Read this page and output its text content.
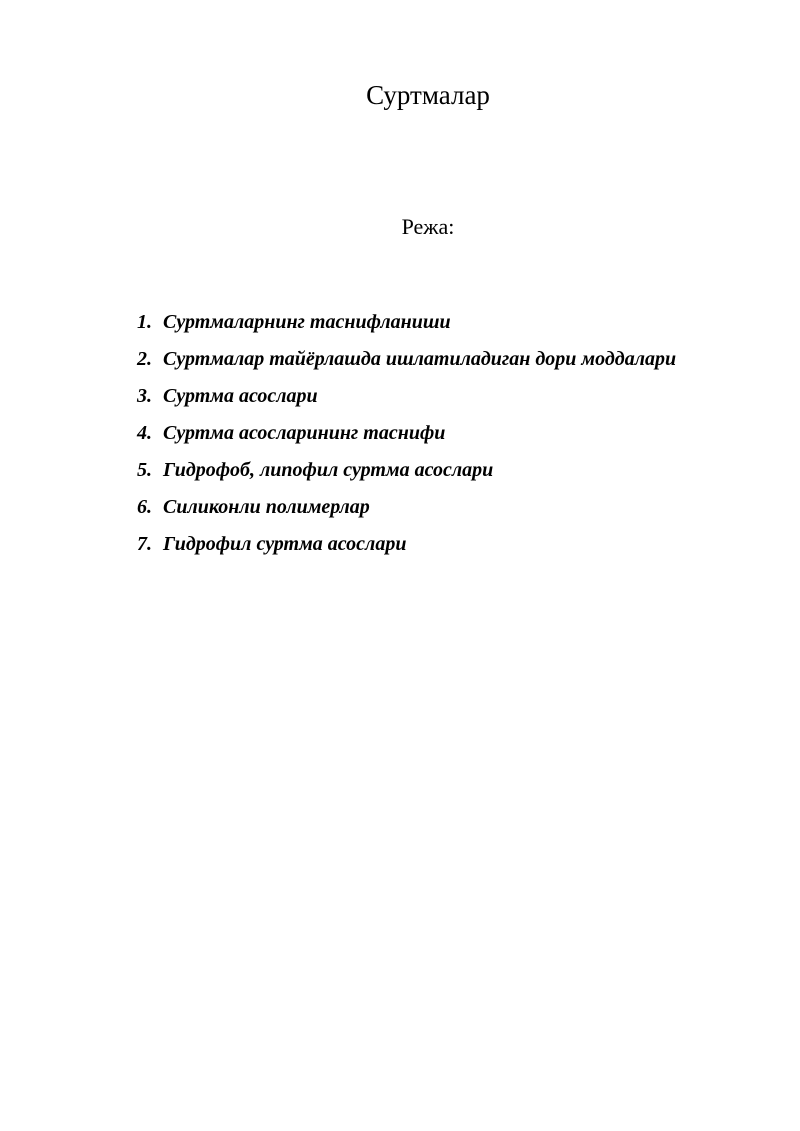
Суртмалар

Режа:

1. Суртмаларнинг таснифланиши
2. Суртмалар тайёрлашда ишлатиладиган дори моддалари
3. Суртма асослари
4. Суртма асосларининг таснифи
5. Гидрофоб, липофил суртма асослари
6. Силиконли полимерлар
7. Гидрофил суртма асослари
